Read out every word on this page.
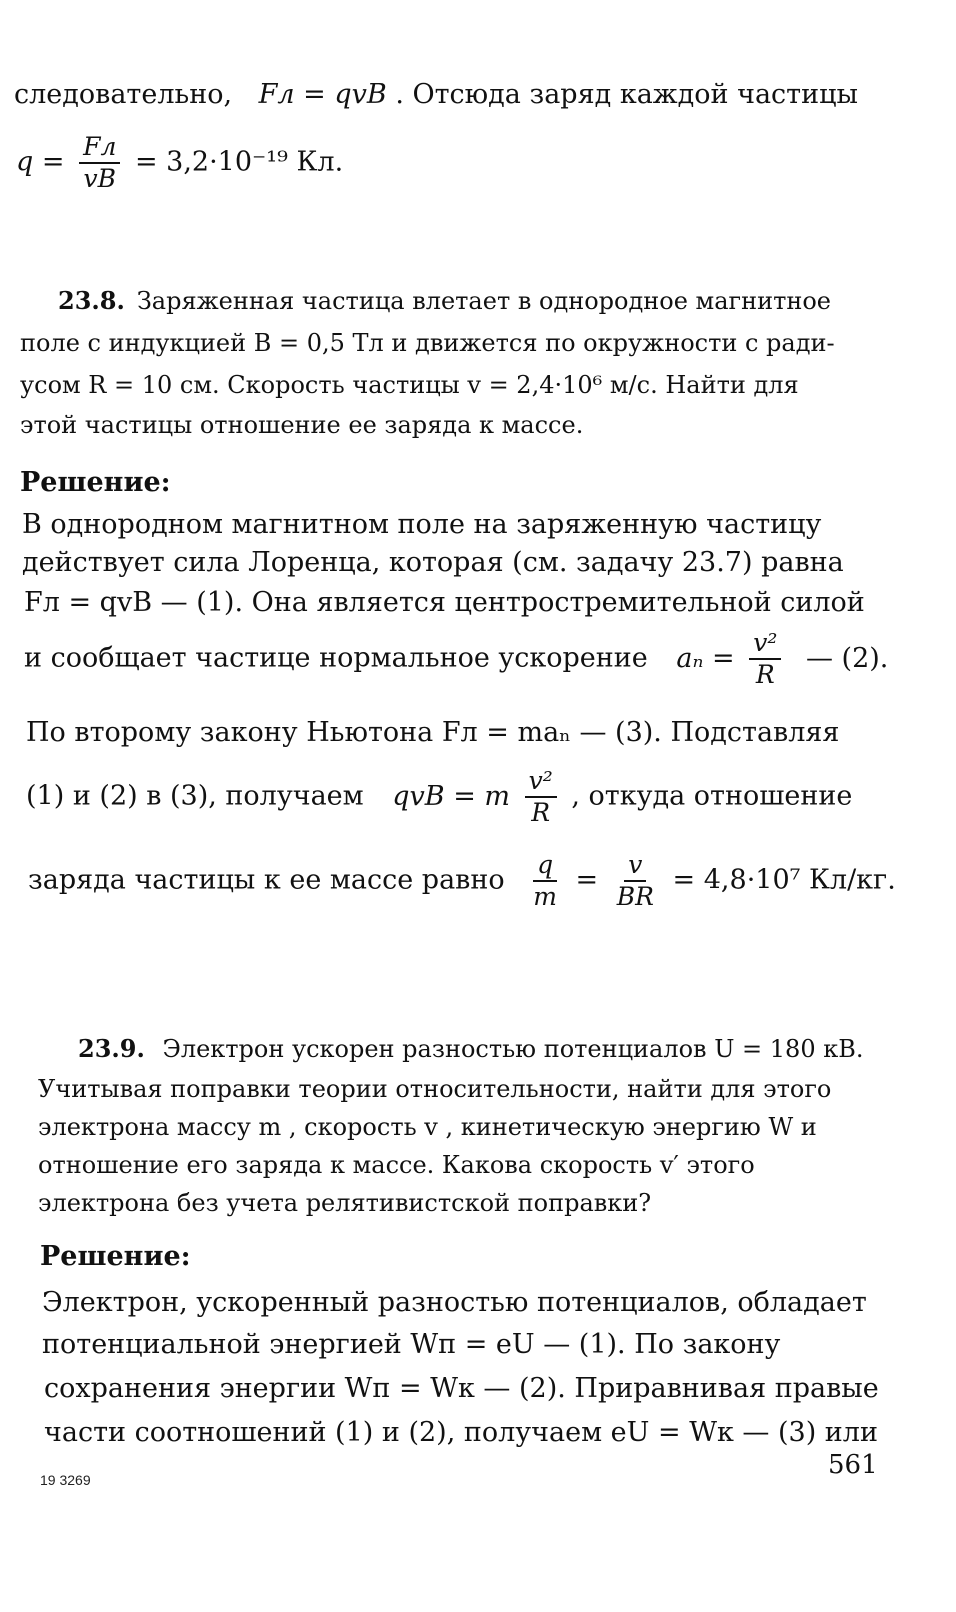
следовательно, Fл = qvB . Отсюда заряд каждой частицы
$q = \frac{Fл}{vB} = 3,2\cdot 10^{-19}$ Кл.
23.8. Заряженная частица влетает в однородное магнитное
поле с индукцией B = 0,5 Тл и движется по окружности с ради-
усом R = 10 см. Скорость частицы v = 2,4·10⁶ м/с. Найти для
этой частицы отношение ее заряда к массе.
Решение:
В однородном магнитном поле на заряженную частицу
действует сила Лоренца, которая (см. задачу 23.7) равна
Fл = qvB — (1). Она является центростремительной силой
и сообщает частице нормальное ускорение $a_n = \frac{\text{v²}}{R}$ — (2).
По второму закону Ньютона Fл = maₙ — (3). Подставляя
(1) и (2) в (3), получаем qvB = m $\frac{\text{v²}}{R}$ , откуда отношение
заряда частицы к ее массе равно $\frac{q}{m} = \frac{v}{BR} = 4,8\cdot 10^7$ Кл/кг.
23.9. Электрон ускорен разностью потенциалов U = 180 кВ.
Учитывая поправки теории относительности, найти для этого
электрона массу m , скорость v , кинетическую энергию W и
отношение его заряда к массе. Какова скорость v′ этого
электрона без учета релятивистской поправки?
Решение:
Электрон, ускоренный разностью потенциалов, обладает
потенциальной энергией Wп = eU — (1). По закону
сохранения энергии Wп = Wк — (2). Приравнивая правые
части соотношений (1) и (2), получаем eU = Wк — (3) или
19 3269	561
